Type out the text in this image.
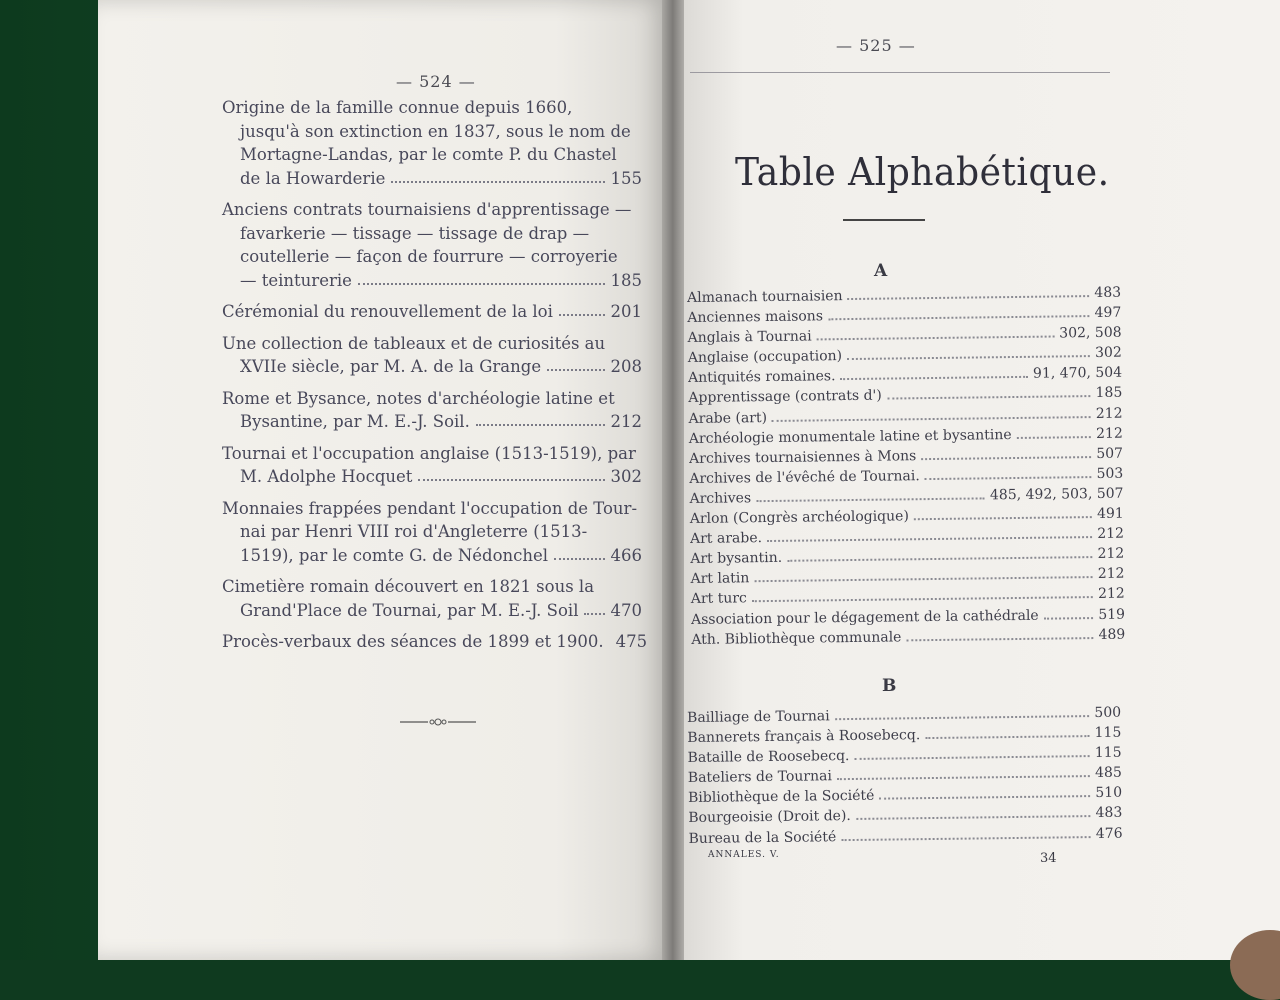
— 524 —
Origine de la famille connue depuis 1660,
jusqu'à son extinction en 1837, sous le nom de
Mortagne-Landas, par le comte P. du Chastel
de la Howarderie	155
Anciens contrats tournaisiens d'apprentissage —
favarkerie — tissage — tissage de drap —
coutellerie — façon de fourrure — corroyerie
— teinturerie	185
Cérémonial du renouvellement de la loi	201
Une collection de tableaux et de curiosités au
XVIIe siècle, par M. A. de la Grange	208
Rome et Bysance, notes d'archéologie latine et
Bysantine, par M. E.-J. Soil.	212
Tournai et l'occupation anglaise (1513-1519), par
M. Adolphe Hocquet	302
Monnaies frappées pendant l'occupation de Tour-
nai par Henri VIII roi d'Angleterre (1513-
1519), par le comte G. de Nédonchel	466
Cimetière romain découvert en 1821 sous la
Grand'Place de Tournai, par M. E.-J. Soil 470
Procès-verbaux des séances de 1899 et 1900. 475
— 525 —
Table Alphabétique.
A
Almanach tournaisien	483
Anciennes maisons	497
Anglais à Tournai	302, 508
Anglaise (occupation)	302
Antiquités romaines.	91, 470, 504
Apprentissage (contrats d')	185
Arabe (art)	212
Archéologie monumentale latine et bysantine	212
Archives tournaisiennes à Mons	507
Archives de l'évêché de Tournai.	503
Archives	485, 492, 503, 507
Arlon (Congrès archéologique)	491
Art arabe.	212
Art bysantin.	212
Art latin	212
Art turc	212
Association pour le dégagement de la cathédrale	519
Ath. Bibliothèque communale	489
B
Bailliage de Tournai	500
Bannerets français à Roosebecq.	115
Bataille de Roosebecq.	115
Bateliers de Tournai	485
Bibliothèque de la Société	510
Bourgeoisie (Droit de).	483
Bureau de la Société	476
ANNALES. V.	34
